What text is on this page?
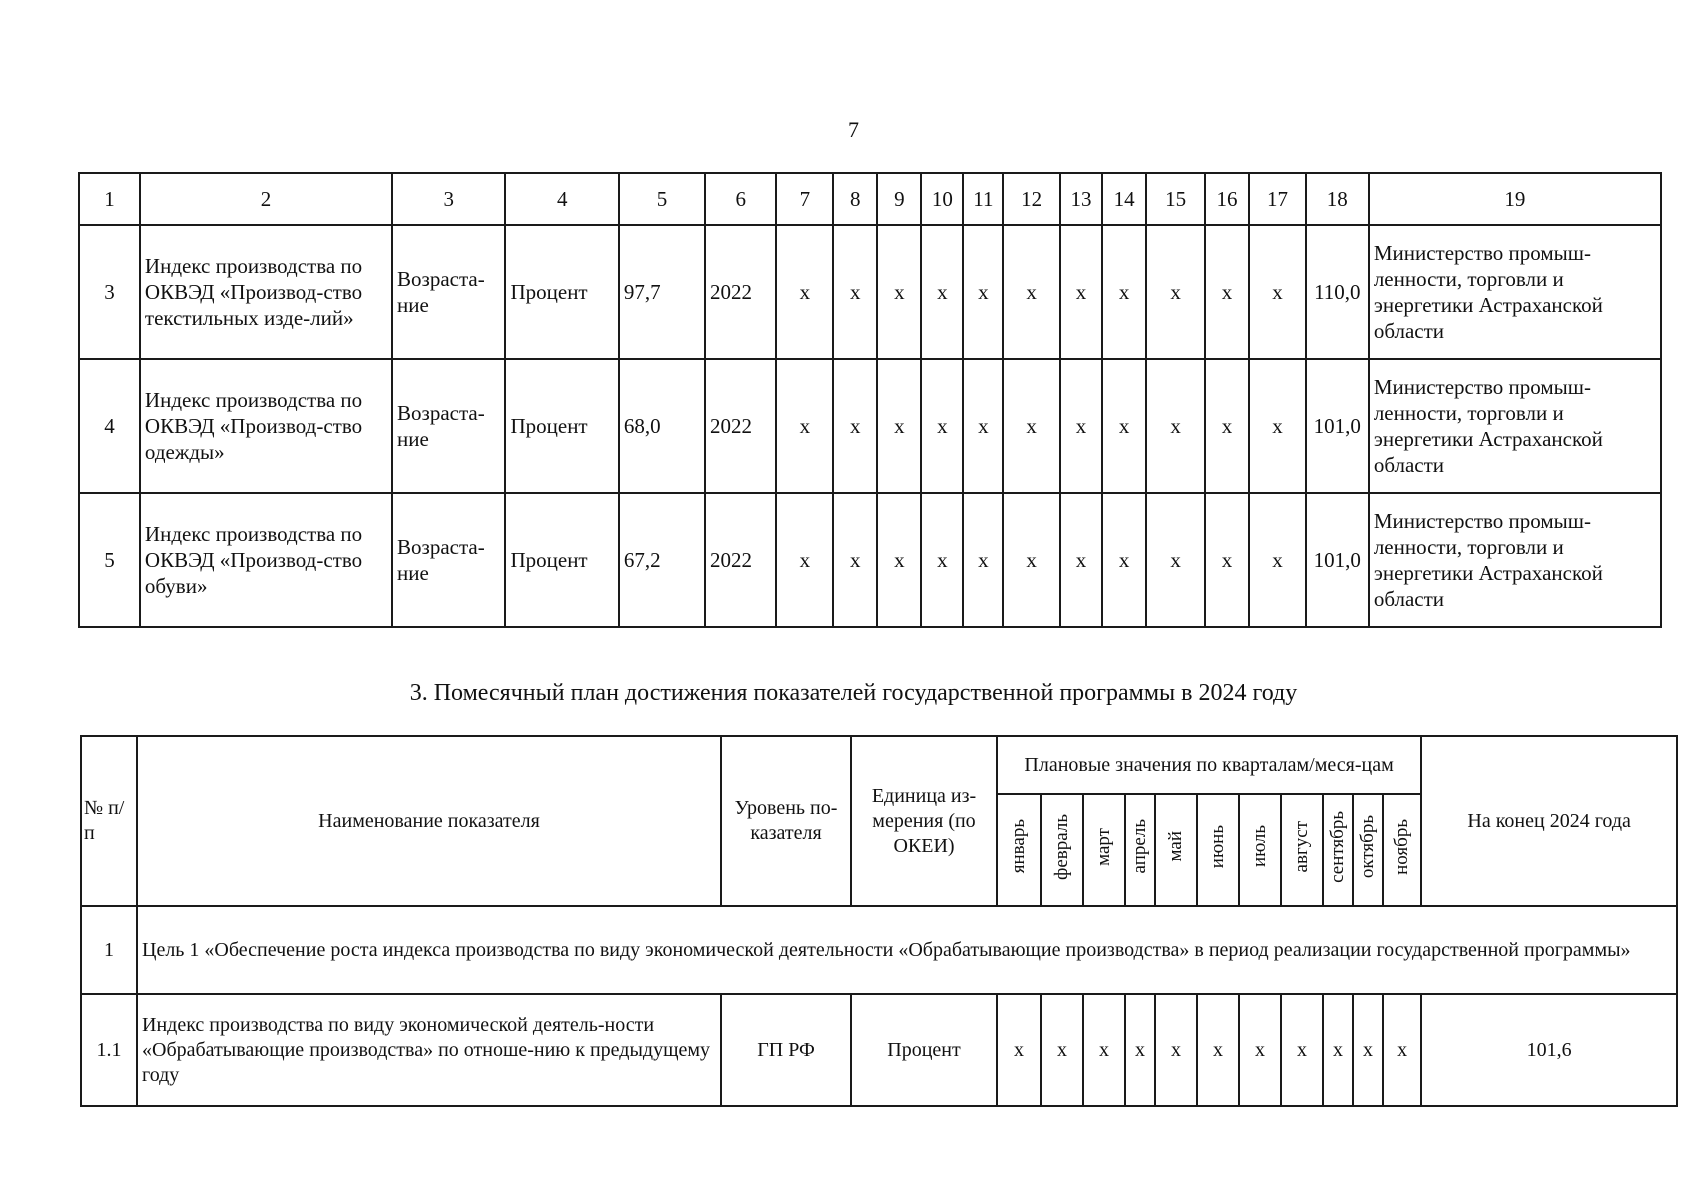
7
1	2	3	4	5	6	7	8	9	10	11	12	13	14	15	16	17	18	19
3	Индекс производства по ОКВЭД «Производ-ство текстильных изде-лий»	Возраста-ние	Процент	97,7	2022	x	x	x	x	x	x	x	x	x	x	x	110,0	Министерство промыш-ленности, торговли и энергетики Астраханской области
4	Индекс производства по ОКВЭД «Производ-ство одежды»	Возраста-ние	Процент	68,0	2022	x	x	x	x	x	x	x	x	x	x	x	101,0	Министерство промыш-ленности, торговли и энергетики Астраханской области
5	Индекс производства по ОКВЭД «Производ-ство обуви»	Возраста-ние	Процент	67,2	2022	x	x	x	x	x	x	x	x	x	x	x	101,0	Министерство промыш-ленности, торговли и энергетики Астраханской области
3. Помесячный план достижения показателей государственной программы в 2024 году
№ п/п	Наименование показателя	Уровень по-казателя	Единица из-мерения (по ОКЕИ)	Плановые значения по кварталам/меся-цам											На конец 2024 года
				январь	февраль	март	апрель	май	июнь	июль	август	сентябрь	октябрь	ноябрь	
1	Цель 1 «Обеспечение роста индекса производства по виду экономической деятельности «Обрабатывающие производства» в период реализации государственной программы»														
1.1	Индекс производства по виду экономической деятель-ности «Обрабатывающие производства» по отноше-нию к предыдущему году	ГП РФ	Процент	x	x	x	x	x	x	x	x	x	x	x	101,6
